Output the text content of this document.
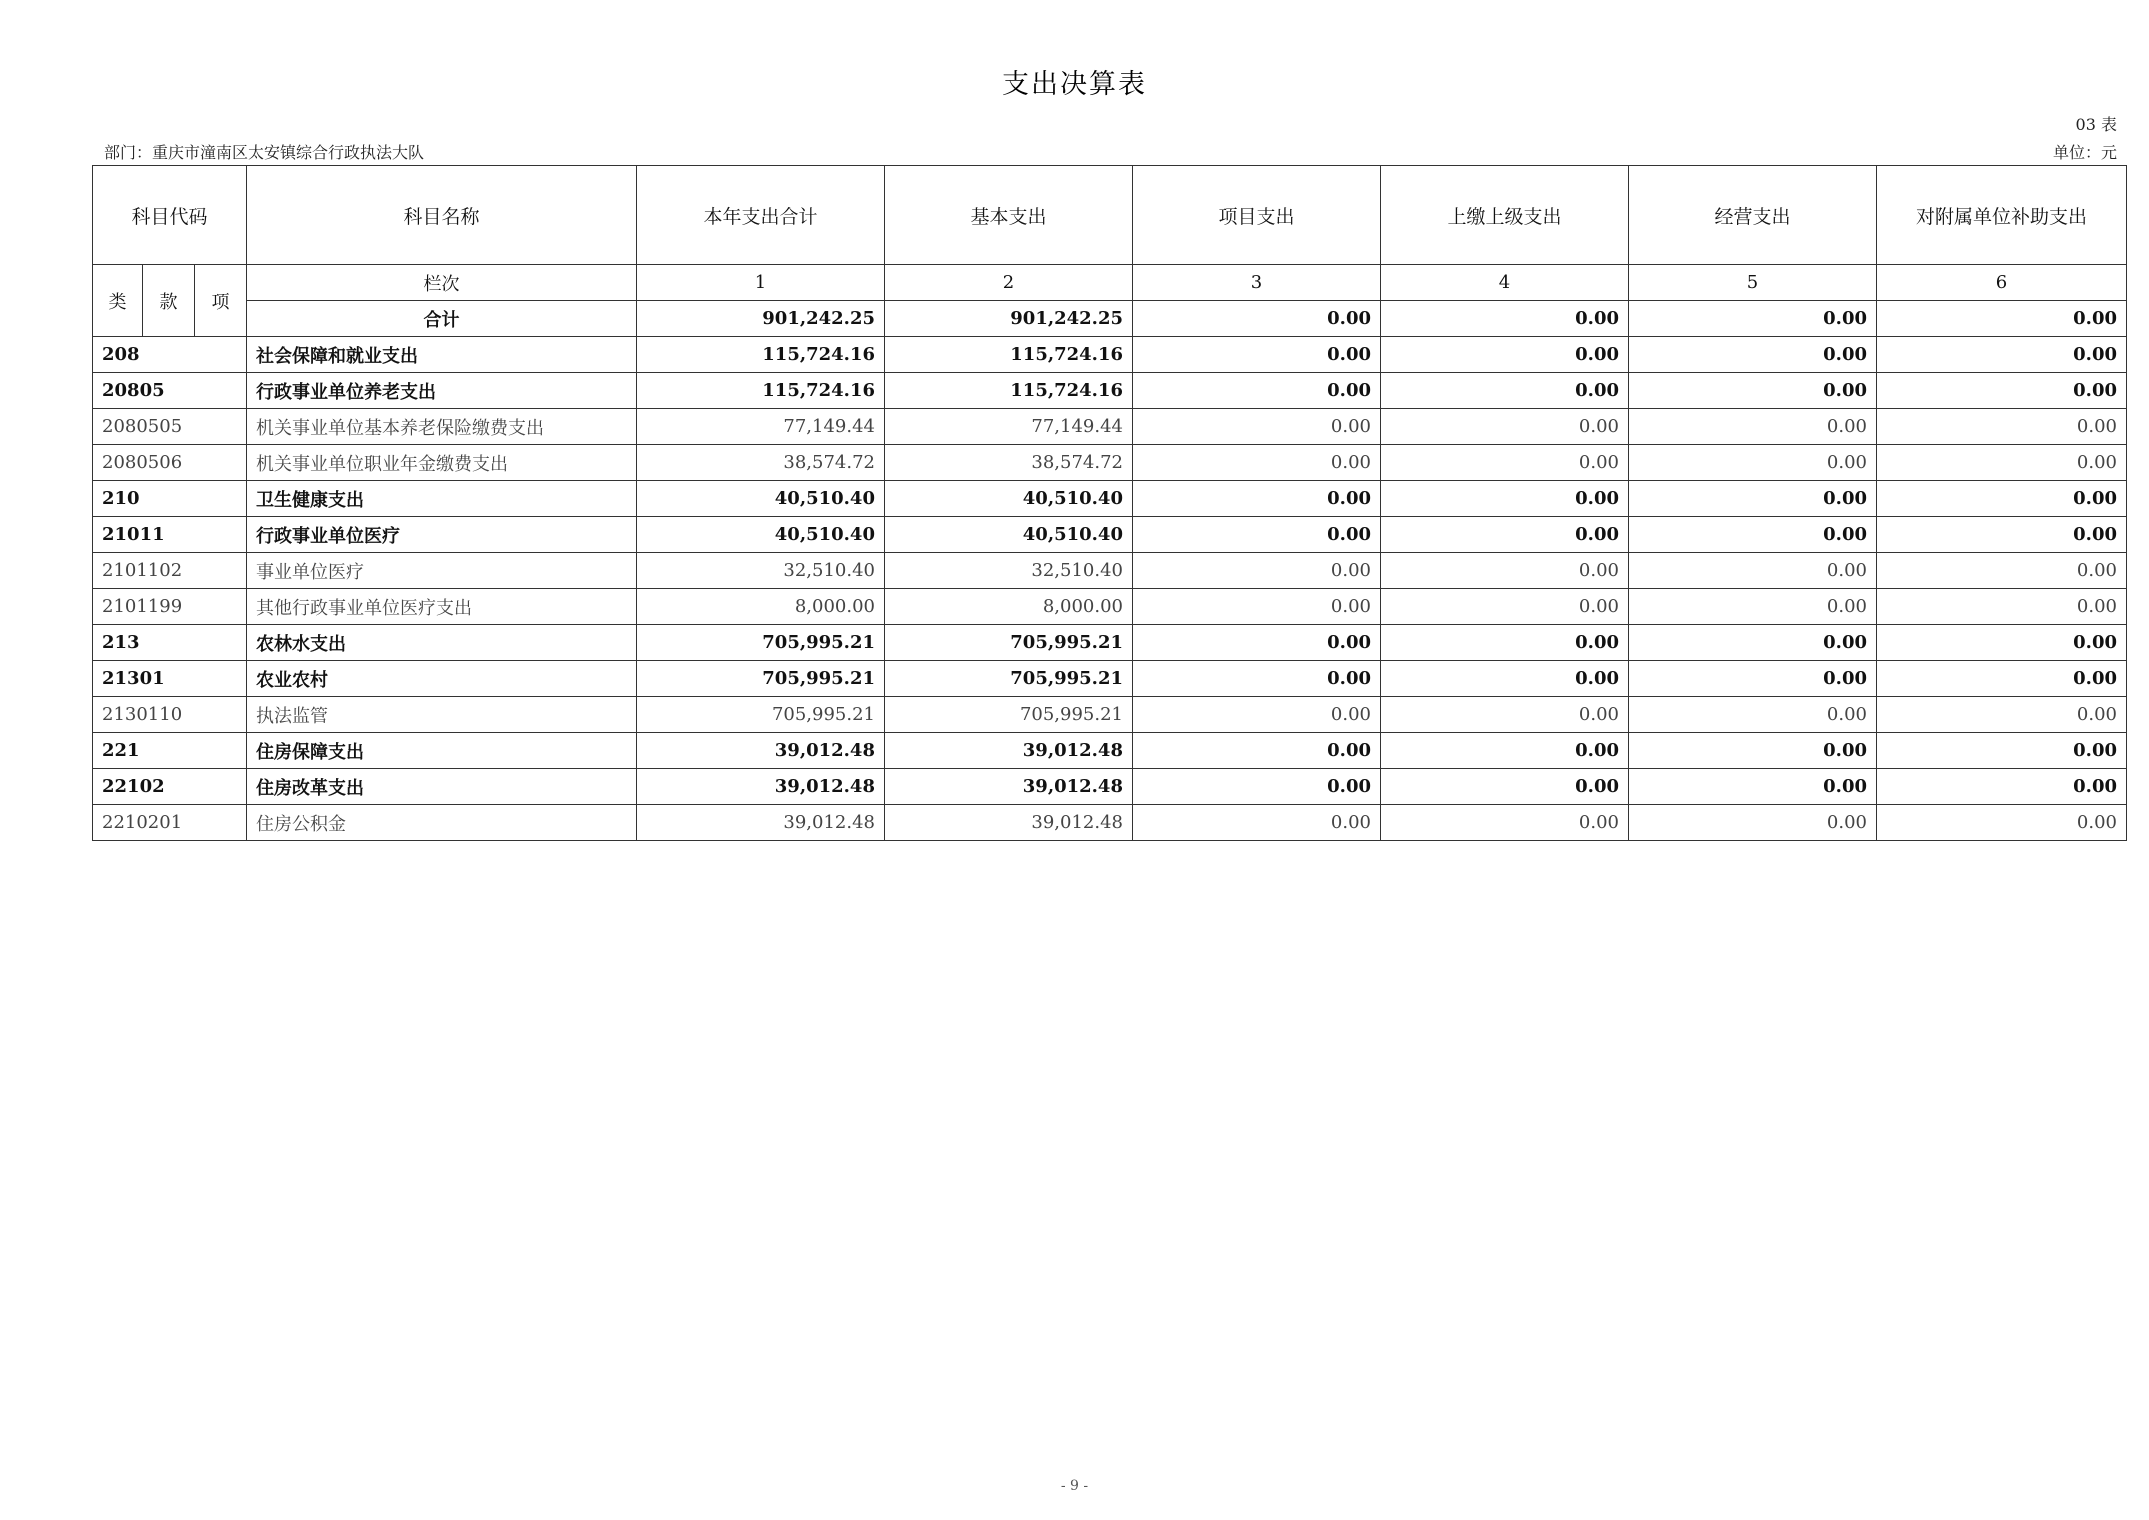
支出决算表
03 表
部门：重庆市潼南区太安镇综合行政执法大队	单位：元
科目代码			科目名称	本年支出合计	基本支出	项目支出	上缴上级支出	经营支出	对附属单位补助支出
类	款	项	栏次	1	2	3	4	5	6
			合计	901,242.25	901,242.25	0.00	0.00	0.00	0.00
208			社会保障和就业支出	115,724.16	115,724.16	0.00	0.00	0.00	0.00
20805			行政事业单位养老支出	115,724.16	115,724.16	0.00	0.00	0.00	0.00
2080505			机关事业单位基本养老保险缴费支出	77,149.44	77,149.44	0.00	0.00	0.00	0.00
2080506			机关事业单位职业年金缴费支出	38,574.72	38,574.72	0.00	0.00	0.00	0.00
210			卫生健康支出	40,510.40	40,510.40	0.00	0.00	0.00	0.00
21011			行政事业单位医疗	40,510.40	40,510.40	0.00	0.00	0.00	0.00
2101102			事业单位医疗	32,510.40	32,510.40	0.00	0.00	0.00	0.00
2101199			其他行政事业单位医疗支出	8,000.00	8,000.00	0.00	0.00	0.00	0.00
213			农林水支出	705,995.21	705,995.21	0.00	0.00	0.00	0.00
21301			农业农村	705,995.21	705,995.21	0.00	0.00	0.00	0.00
2130110			执法监管	705,995.21	705,995.21	0.00	0.00	0.00	0.00
221			住房保障支出	39,012.48	39,012.48	0.00	0.00	0.00	0.00
22102			住房改革支出	39,012.48	39,012.48	0.00	0.00	0.00	0.00
2210201			住房公积金	39,012.48	39,012.48	0.00	0.00	0.00	0.00
- 9 -
